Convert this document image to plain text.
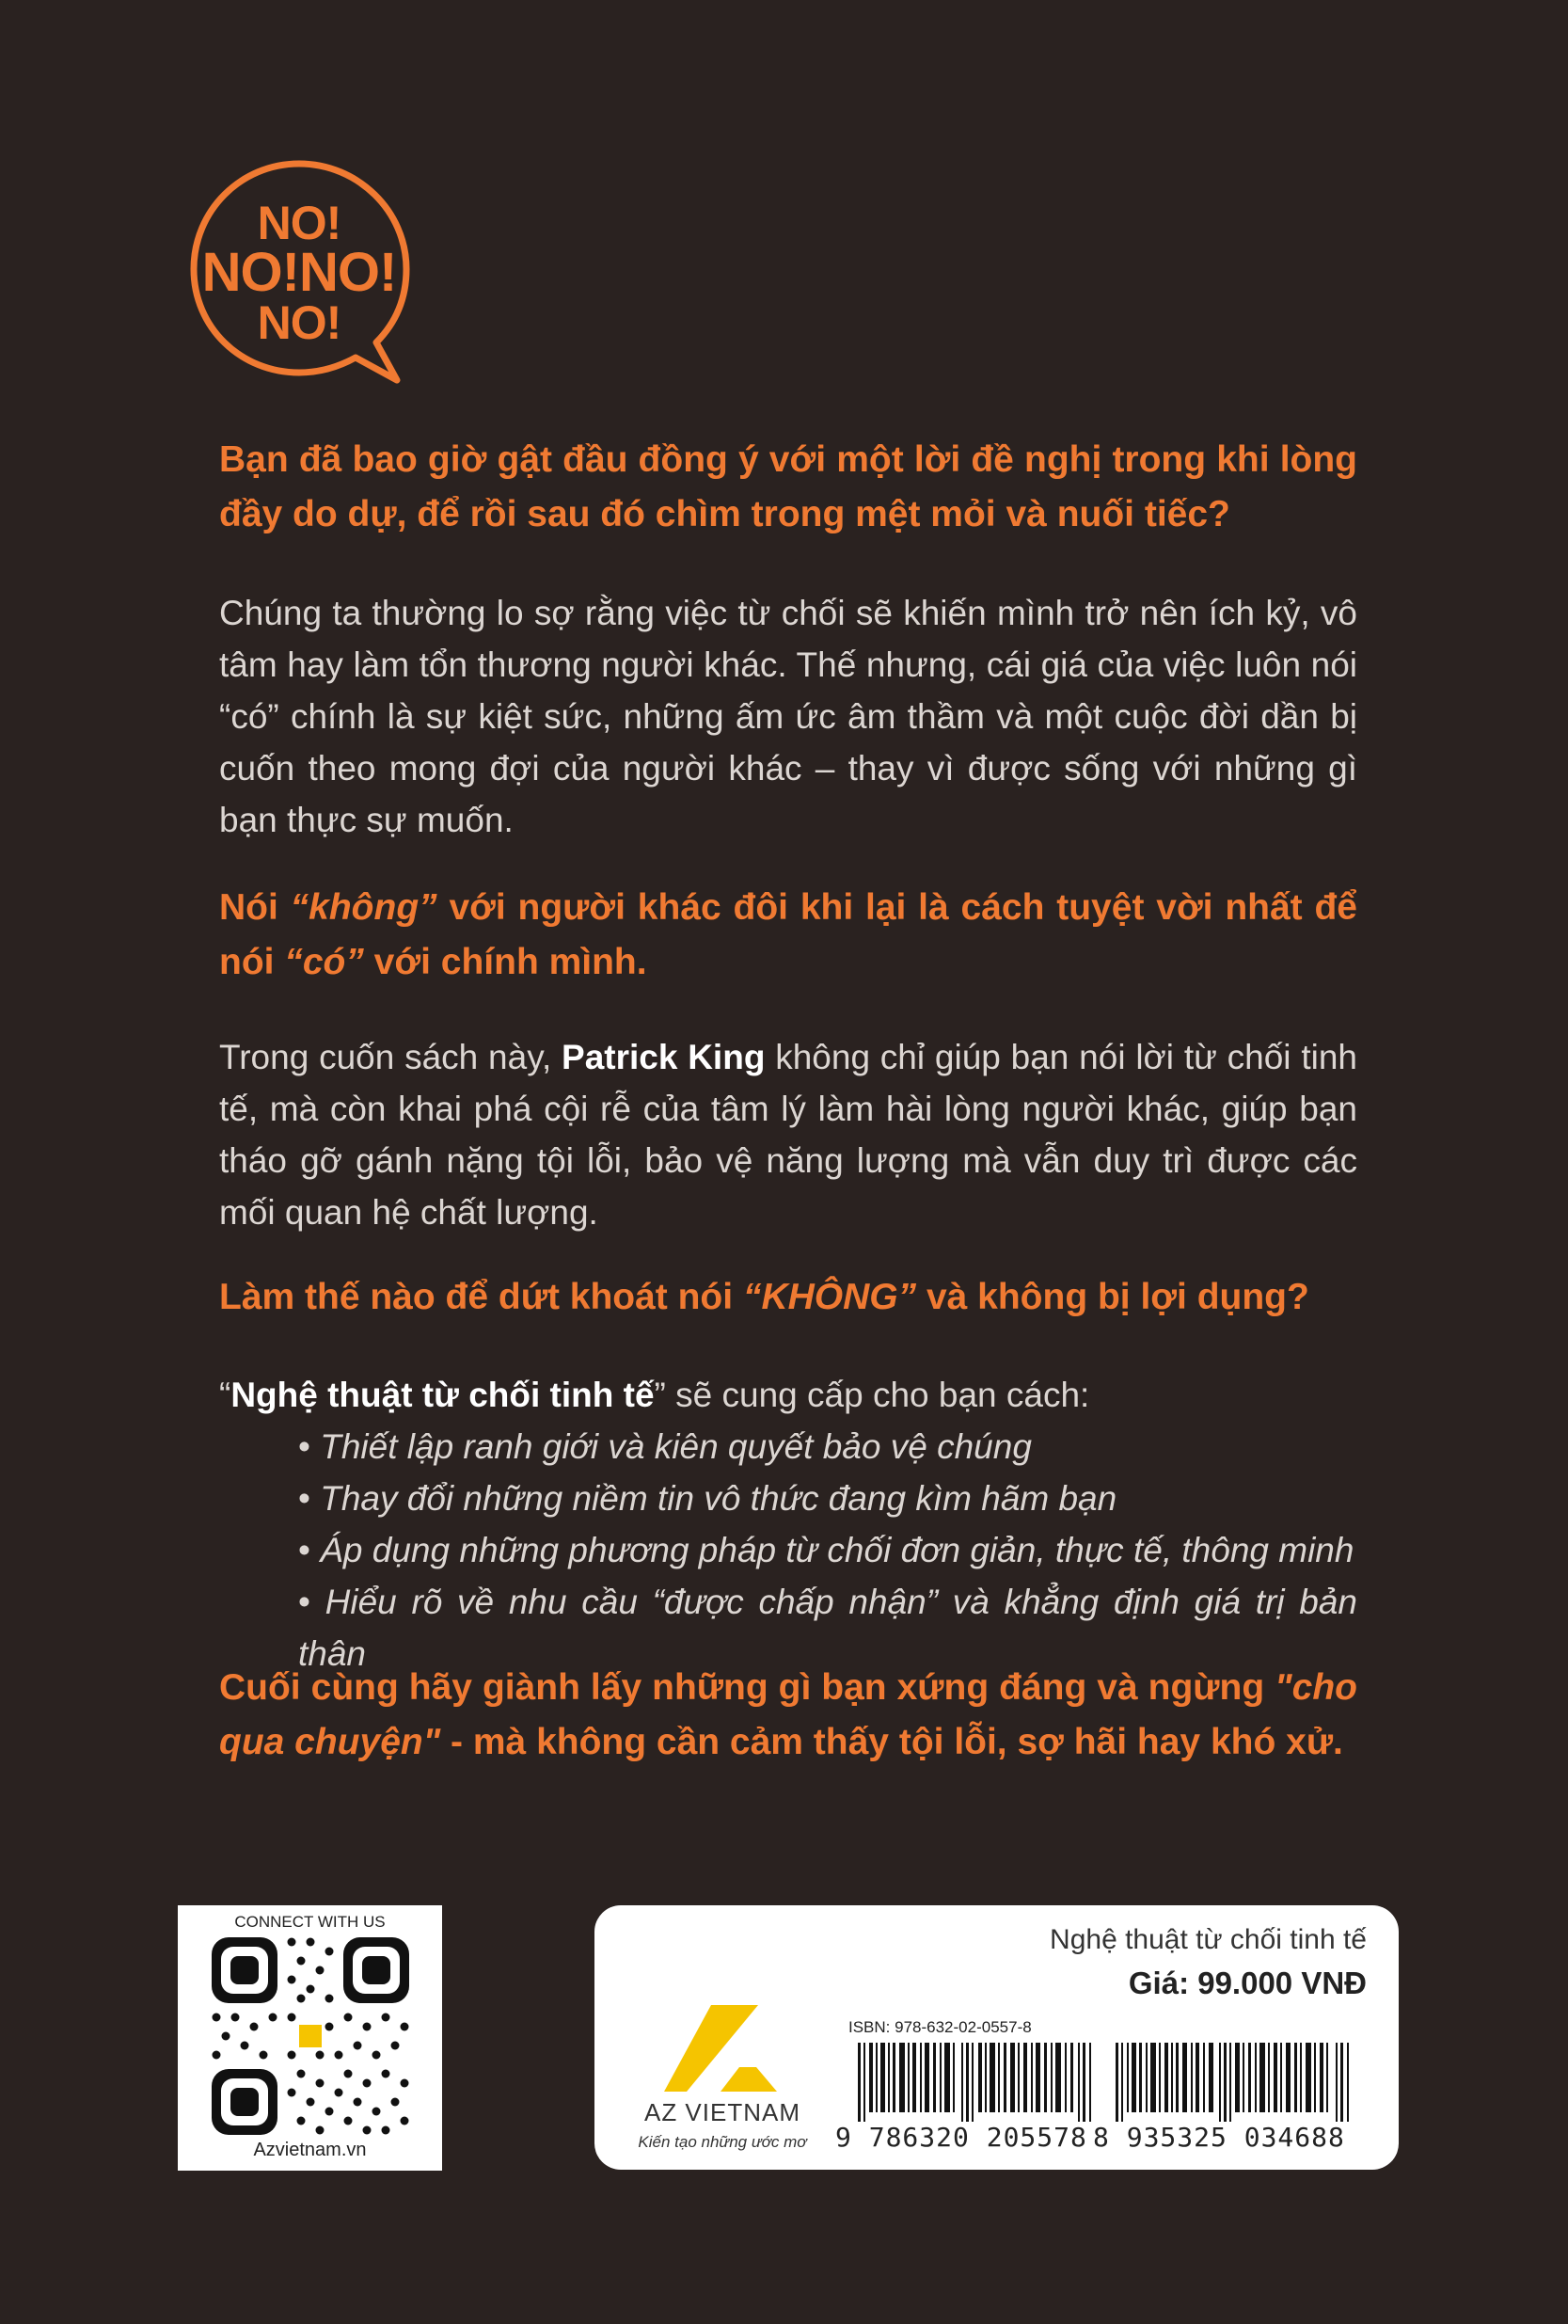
NO!
NO!NO!
NO!
Bạn đã bao giờ gật đầu đồng ý với một lời đề nghị trong khi lòng đầy do dự, để rồi sau đó chìm trong mệt mỏi và nuối tiếc?
Chúng ta thường lo sợ rằng việc từ chối sẽ khiến mình trở nên ích kỷ, vô tâm hay làm tổn thương người khác. Thế nhưng, cái giá của việc luôn nói “có” chính là sự kiệt sức, những ấm ức âm thầm và một cuộc đời dần bị cuốn theo mong đợi của người khác – thay vì được sống với những gì bạn thực sự muốn.
Nói “không” với người khác đôi khi lại là cách tuyệt vời nhất để nói “có” với chính mình.
Trong cuốn sách này, Patrick King không chỉ giúp bạn nói lời từ chối tinh tế, mà còn khai phá cội rễ của tâm lý làm hài lòng người khác, giúp bạn tháo gỡ gánh nặng tội lỗi, bảo vệ năng lượng mà vẫn duy trì được các mối quan hệ chất lượng.
Làm thế nào để dứt khoát nói “KHÔNG” và không bị lợi dụng?
“Nghệ thuật từ chối tinh tế” sẽ cung cấp cho bạn cách:
• Thiết lập ranh giới và kiên quyết bảo vệ chúng
• Thay đổi những niềm tin vô thức đang kìm hãm bạn
• Áp dụng những phương pháp từ chối đơn giản, thực tế, thông minh
• Hiểu rõ về nhu cầu “được chấp nhận” và khẳng định giá trị bản thân
Cuối cùng hãy giành lấy những gì bạn xứng đáng và ngừng "cho qua chuyện" - mà không cần cảm thấy tội lỗi, sợ hãi hay khó xử.
CONNECT WITH US
Azvietnam.vn
Nghệ thuật từ chối tinh tế
Giá: 99.000 VNĐ
AZ VIETNAM
Kiến tạo những ước mơ
ISBN: 978-632-02-0557-8
9 786320 205578 8 935325 034688
